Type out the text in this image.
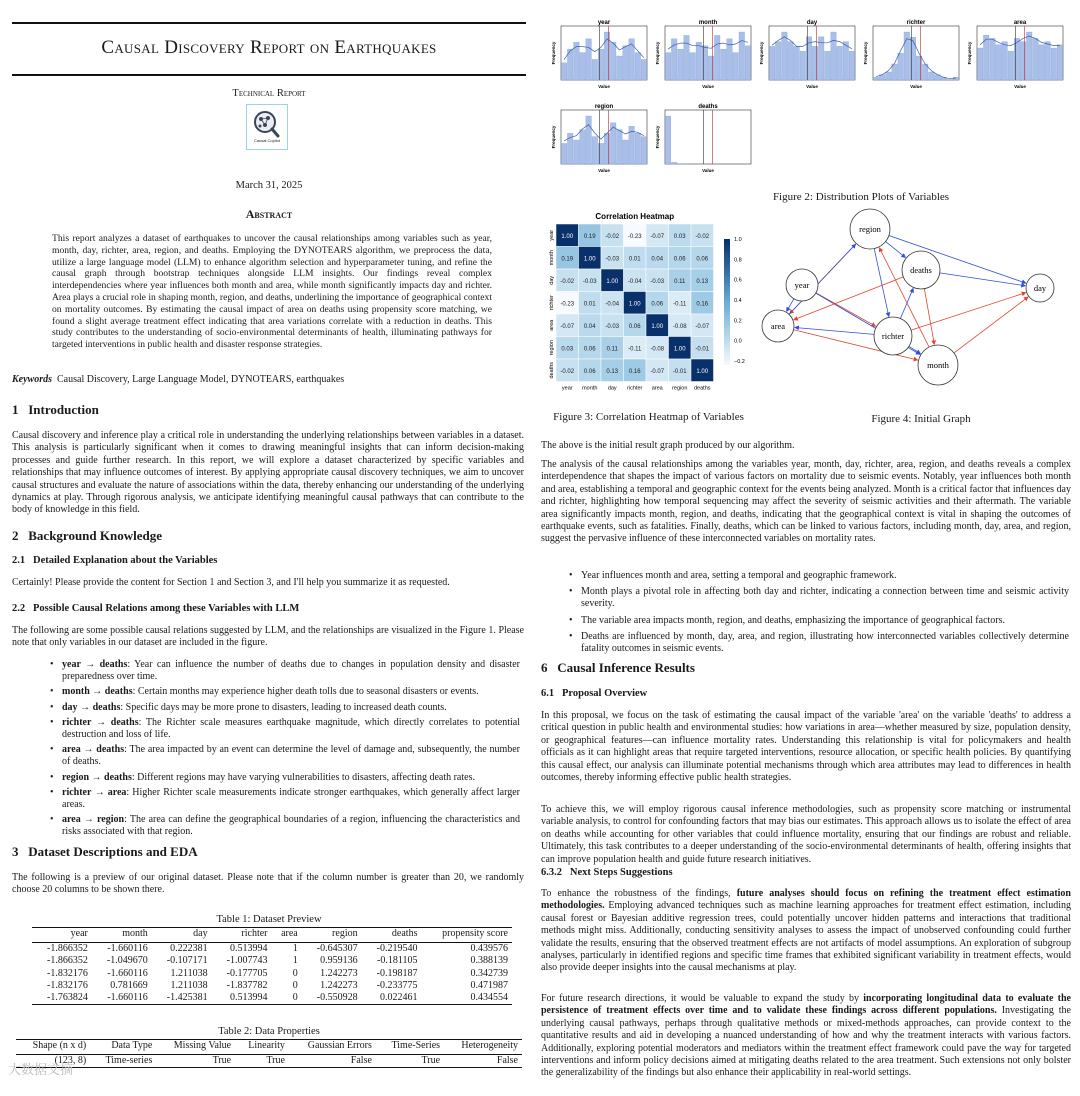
Causal Discovery Report on Earthquakes
Technical Report
Causal Copilot
March 31, 2025
Abstract

This report analyzes a dataset of earthquakes to uncover the causal relationships among variables such as year, month, day, richter, area, region, and deaths. Employing the DYNOTEARS algorithm, we preprocess the data, utilize a large language model (LLM) to enhance algorithm selection and hyperparameter tuning, and refine the causal graph through bootstrap techniques alongside LLM insights. Our findings reveal complex interdependencies where year influences both month and area, while month significantly impacts day and richter. Area plays a crucial role in shaping month, region, and deaths, underlining the importance of geographical context on mortality outcomes. By estimating the causal impact of area on deaths using propensity score matching, we found a slight average treatment effect indicating that area variations correlate with a reduction in deaths. This study contributes to the understanding of socio-environmental determinants of health, illuminating pathways for targeted interventions in public health and disaster response strategies.

Keywords Causal Discovery, Large Language Model, DYNOTEARS, earthquakes
1 Introduction

Causal discovery and inference play a critical role in understanding the underlying relationships between variables in a dataset. This analysis is particularly significant when it comes to drawing meaningful insights that can inform decision-making processes and guide further research. In this report, we will explore a dataset characterized by specific variables and relationships that may influence outcomes of interest. By applying appropriate causal discovery techniques, we aim to uncover causal structures and evaluate the nature of associations within the data, thereby enhancing our understanding of the underlying dynamics at play. Through rigorous analysis, we anticipate identifying meaningful causal pathways that can contribute to the body of knowledge in this field.

2 Background Knowledge
2.1 Detailed Explanation about the Variables

Certainly! Please provide the content for Section 1 and Section 3, and I'll help you summarize it as requested.

2.2 Possible Causal Relations among these Variables with LLM

The following are some possible causal relations suggested by LLM, and the relationships are visualized in the Figure 1. Please note that only variables in our dataset are included in the figure.

• year → deaths: Year can influence the number of deaths due to changes in population density and disaster preparedness over time.
• month → deaths: Certain months may experience higher death tolls due to seasonal disasters or events.
• day → deaths: Specific days may be more prone to disasters, leading to increased death counts.
• richter → deaths: The Richter scale measures earthquake magnitude, which directly correlates to potential destruction and loss of life.
• area → deaths: The area impacted by an event can determine the level of damage and, subsequently, the number of deaths.
• region → deaths: Different regions may have varying vulnerabilities to disasters, affecting death rates.
• richter → area: Higher Richter scale measurements indicate stronger earthquakes, which generally affect larger areas.
• area → region: The area can define the geographical boundaries of a region, influencing the characteristics and risks associated with that region.
3 Dataset Descriptions and EDA

The following is a preview of our original dataset. Please note that if the column number is greater than 20, we randomly choose 20 columns to be shown there.

Table 1: Dataset Preview
year	month	day	richter	area	region	deaths	propensity score
-1.866352	-1.660116	0.222381	0.513994	1	-0.645307	-0.219540	0.439576
-1.866352	-1.049670	-0.107171	-1.007743	1	0.959136	-0.181105	0.388139
-1.832176	-1.660116	1.211038	-0.177705	0	1.242273	-0.198187	0.342739
-1.832176	0.781669	1.211038	-1.837782	0	1.242273	-0.233775	0.471987
-1.763824	-1.660116	-1.425381	0.513994	0	-0.550928	0.022461	0.434554
Table 2: Data Properties
Shape (n x d)	Data Type	Missing Value	Linearity	Gaussian Errors	Time-Series	Heterogeneity
(123, 8)	Time-series	True	True	False	True	False
大数据文摘
year
Value
Frequency
month
Value
Frequency
day
Value
Frequency
richter
Value
Frequency
area
Value
Frequency
region
Value
Frequency
deaths
Value
Frequency
Figure 2: Distribution Plots of Variables
Correlation Heatmap
1.00 0.19 -0.02 -0.23 -0.07 0.03 -0.02
0.19 1.00 -0.03 0.01 0.04 0.06 0.06
-0.02 -0.03 1.00 -0.04 -0.03 0.11 0.13
-0.23 0.01 -0.04 1.00 0.06 -0.11 0.16
-0.07 0.04 -0.03 0.06 1.00 -0.08 -0.07
0.03 0.06 0.11 -0.11 -0.08 1.00 -0.01
-0.02 0.06 0.13 0.16 -0.07 -0.01 1.00
year
year
month
month
day
day
richter
richter
area
area
region
region
deaths
deaths
1.0
0.8
0.6
0.4
0.2
0.0
−0.2
Figure 3: Correlation Heatmap of Variables
region
deaths
year	day
area
richter
month
Figure 4: Initial Graph

The above is the initial result graph produced by our algorithm.

The analysis of the causal relationships among the variables year, month, day, richter, area, region, and deaths reveals a complex interdependence that shapes the impact of various factors on mortality due to seismic events. Notably, year influences both month and area, establishing a temporal and geographic context for the events being analyzed. Month is a critical factor that influences day and richter, highlighting how temporal sequencing may affect the severity of seismic activities and their aftermath. The variable area significantly impacts month, region, and deaths, indicating that the geographical context is vital in shaping the outcomes of earthquake events, such as fatalities. Finally, deaths, which can be linked to various factors, including month, day, area, and region, suggest the pervasive influence of these interconnected variables on mortality rates.

• Year influences month and area, setting a temporal and geographic framework.
• Month plays a pivotal role in affecting both day and richter, indicating a connection between time and seismic activity severity.
• The variable area impacts month, region, and deaths, emphasizing the importance of geographical factors.
• Deaths are influenced by month, day, area, and region, illustrating how interconnected variables collectively determine fatality outcomes in seismic events.
6 Causal Inference Results
6.1 Proposal Overview

In this proposal, we focus on the task of estimating the causal impact of the variable 'area' on the variable 'deaths' to address a critical question in public health and environmental studies: how variations in area—whether measured by size, population density, or geographical features—can influence mortality rates. Understanding this relationship is vital for policymakers and health officials as it can highlight areas that require targeted interventions, resource allocation, or specific health policies. By quantifying this causal effect, our analysis can illuminate potential mechanisms through which area attributes may lead to differences in health outcomes, thereby informing effective public health strategies.

To achieve this, we will employ rigorous causal inference methodologies, such as propensity score matching or instrumental variable analysis, to control for confounding factors that may bias our estimates. This approach allows us to isolate the effect of area on deaths while accounting for other variables that could influence mortality, ensuring that our findings are robust and reliable. Ultimately, this task contributes to a deeper understanding of the socio-environmental determinants of health, offering insights that can improve population health and guide future research initiatives.

6.3.2 Next Steps Suggestions

To enhance the robustness of the findings, future analyses should focus on refining the treatment effect estimation methodologies. Employing advanced techniques such as machine learning approaches for treatment effect estimation, including causal forest or Bayesian additive regression trees, could potentially uncover hidden patterns and interactions that traditional methods might miss. Additionally, conducting sensitivity analyses to assess the impact of unobserved confounding could further validate the results, ensuring that the observed treatment effects are not artifacts of model assumptions. An exploration of subgroup analyses, particularly in identified regions and specific time frames that exhibited significant variability in treatment effects, would also provide deeper insights into the causal mechanisms at play.

For future research directions, it would be valuable to expand the study by incorporating longitudinal data to evaluate the persistence of treatment effects over time and to validate these findings across different populations. Investigating the underlying causal pathways, perhaps through qualitative methods or mixed-methods approaches, can provide context to the quantitative results and aid in developing a nuanced understanding of how and why the treatment interacts with various factors. Additionally, exploring potential moderators and mediators within the treatment effect framework could pave the way for targeted interventions and inform policy decisions aimed at mitigating deaths related to the area treatment. Such extensions not only bolster the generalizability of the findings but also enhance their applicability in real-world settings.
